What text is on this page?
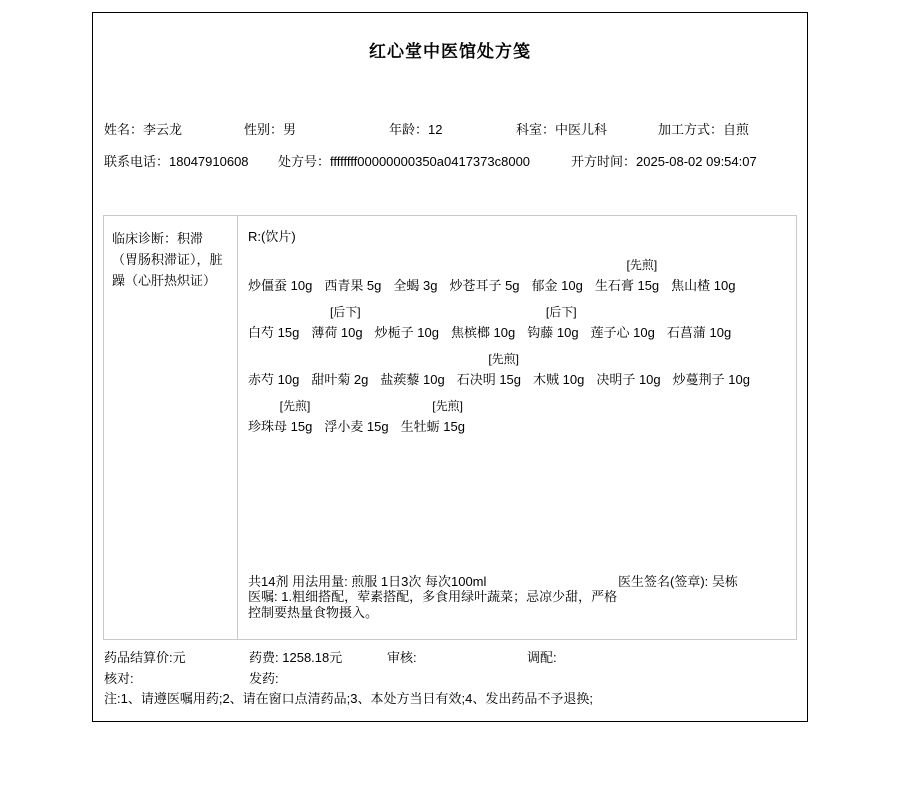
红心堂中医馆处方笺
姓名：李云龙	性别：男	年龄：12	科室：中医儿科	加工方式：自煎
联系电话：18047910608 处方号：ffffffff00000000350a0417373c8000	开方时间：2025-08-02 09:54:07
临床诊断：积滞（胃肠积滞证），脏躁（心肝热炽证）
R:(饮片)

炒僵蚕 10g
西青果 5g
全蝎 3g
炒苍耳子 5g
郁金 10g
[先煎]
生石膏 15g
焦山楂 10g

白芍 15g
[后下]
薄荷 10g
炒栀子 10g
焦槟榔 10g
[后下]
钩藤 10g
莲子心 10g
石菖蒲 10g

赤芍 10g
甜叶菊 2g
盐蒺藜 10g
[先煎]
石决明 15g
木贼 10g
决明子 10g
炒蔓荆子 10g
[先煎]
珍珠母 15g
浮小麦 15g
[先煎]
生牡蛎 15g
共14剂 用法用量: 煎服 1日3次 每次100ml	医生签名(签章): 吴栋
医嘱: 1.粗细搭配，荤素搭配，多食用绿叶蔬菜；忌凉少甜，严格控制要热量食物摄入。
药品结算价:元	药费: 1258.18元	审核:	调配:
核对:	发药:
注:1、请遵医嘱用药;2、请在窗口点清药品;3、本处方当日有效;4、发出药品不予退换;
